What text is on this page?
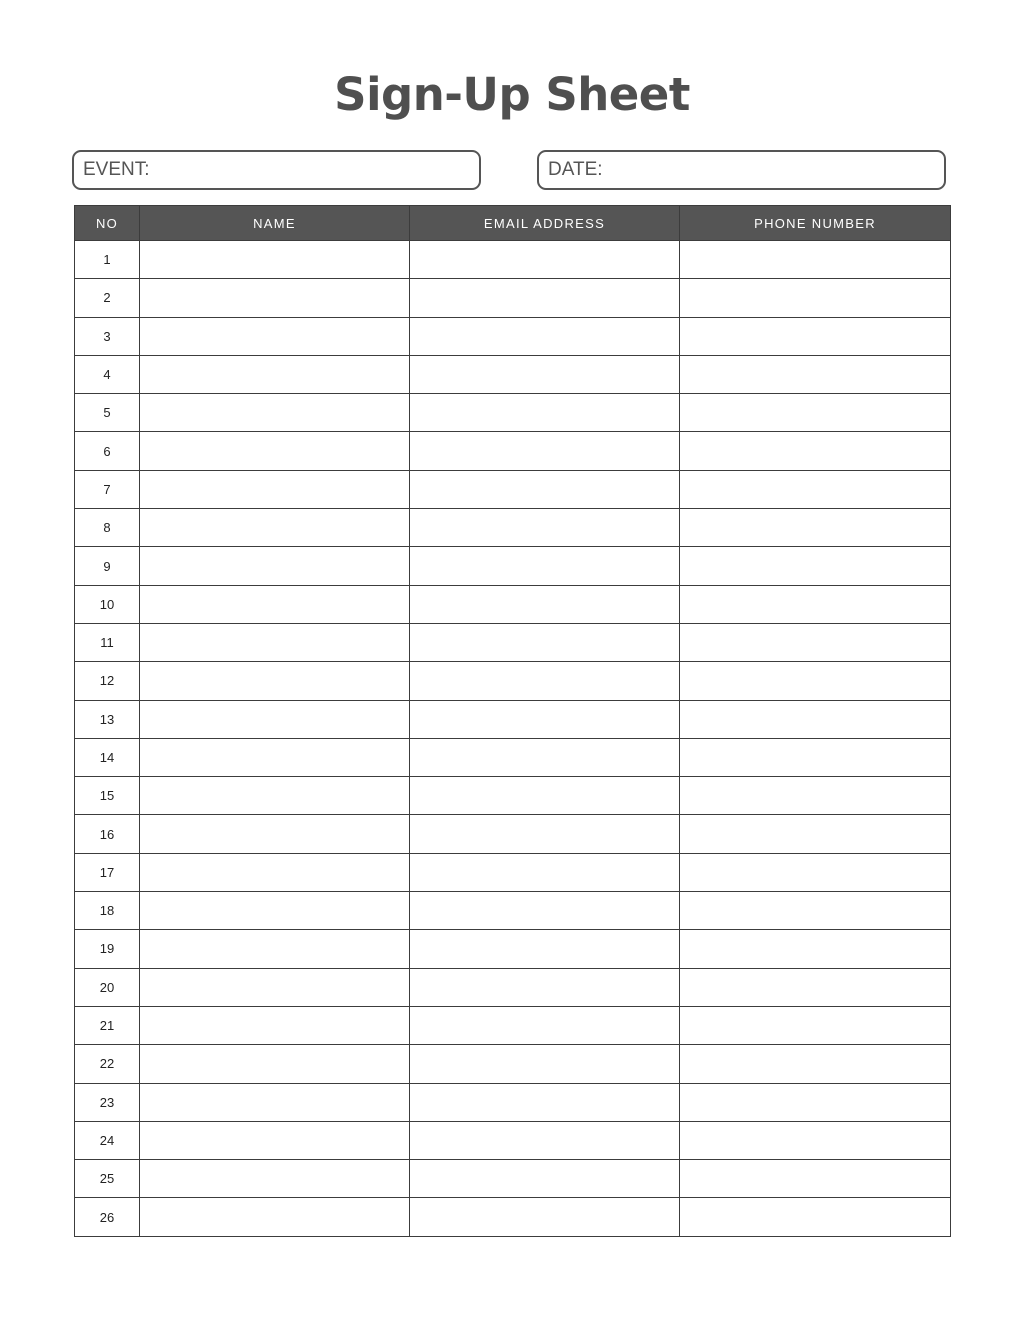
Sign-Up Sheet
EVENT:	DATE:
NO	NAME	EMAIL ADDRESS	PHONE NUMBER
1			
2			
3			
4			
5			
6			
7			
8			
9			
10			
11			
12			
13			
14			
15			
16			
17			
18			
19			
20			
21			
22			
23			
24			
25			
26			
